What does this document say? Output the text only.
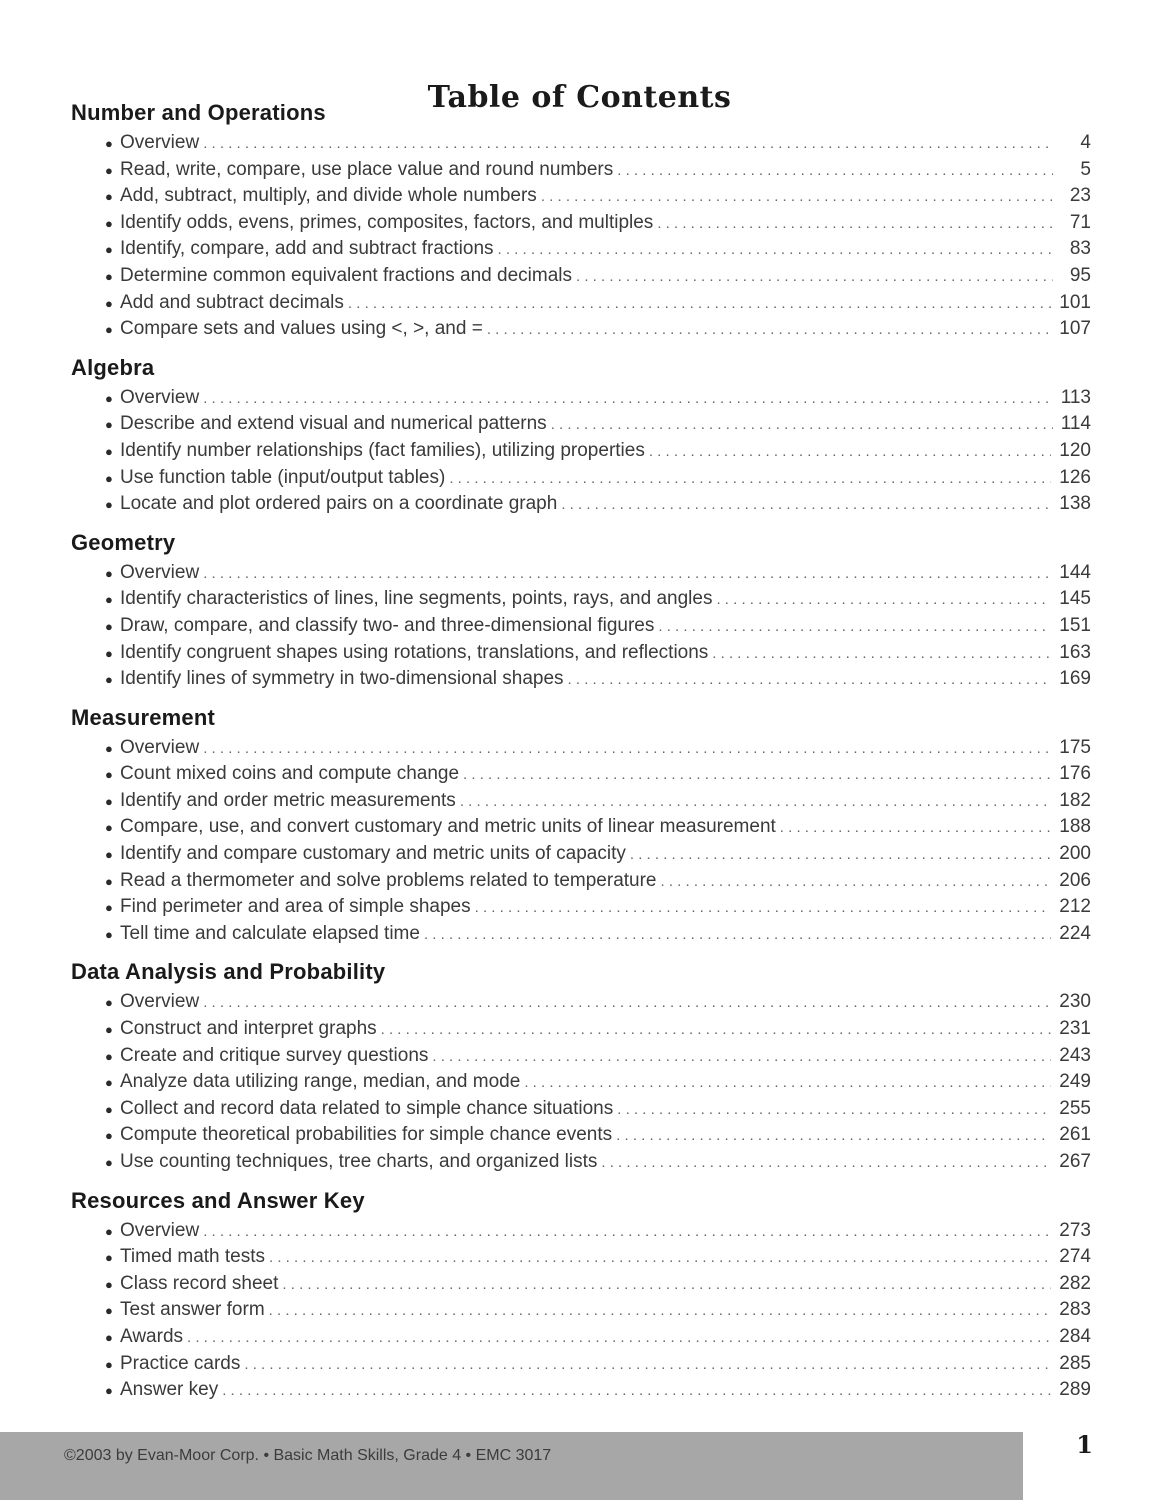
Table of Contents
Number and Operations
● Overview . . .	4
● Read, write, compare, use place value and round numbers . . .	5
● Add, subtract, multiply, and divide whole numbers . . .	23
● Identify odds, evens, primes, composites, factors, and multiples . . .	71
● Identify, compare, add and subtract fractions . . .	83
● Determine common equivalent fractions and decimals . . .	95
● Add and subtract decimals . . .	101
● Compare sets and values using <, >, and = . . .	107
Algebra
● Overview . . .	113
● Describe and extend visual and numerical patterns . . .	114
● Identify number relationships (fact families), utilizing properties . . .	120
● Use function table (input/output tables) . . .	126
● Locate and plot ordered pairs on a coordinate graph . . .	138
Geometry
● Overview . . .	144
● Identify characteristics of lines, line segments, points, rays, and angles . . .	145
● Draw, compare, and classify two- and three-dimensional figures . . .	151
● Identify congruent shapes using rotations, translations, and reflections . . .	163
● Identify lines of symmetry in two-dimensional shapes . . .	169
Measurement
● Overview . . .	175
● Count mixed coins and compute change . . .	176
● Identify and order metric measurements . . .	182
● Compare, use, and convert customary and metric units of linear measurement . . .	188
● Identify and compare customary and metric units of capacity . . .	200
● Read a thermometer and solve problems related to temperature . . .	206
● Find perimeter and area of simple shapes . . .	212
● Tell time and calculate elapsed time . . .	224
Data Analysis and Probability
● Overview . . .	230
● Construct and interpret graphs . . .	231
● Create and critique survey questions . . .	243
● Analyze data utilizing range, median, and mode . . .	249
● Collect and record data related to simple chance situations . . .	255
● Compute theoretical probabilities for simple chance events . . .	261
● Use counting techniques, tree charts, and organized lists . . .	267
Resources and Answer Key
● Overview . . .	273
● Timed math tests . . .	274
● Class record sheet . . .	282
● Test answer form . . .	283
● Awards . . .	284
● Practice cards . . .	285
● Answer key . . .	289
©2003 by Evan-Moor Corp. • Basic Math Skills, Grade 4 • EMC 3017	1
